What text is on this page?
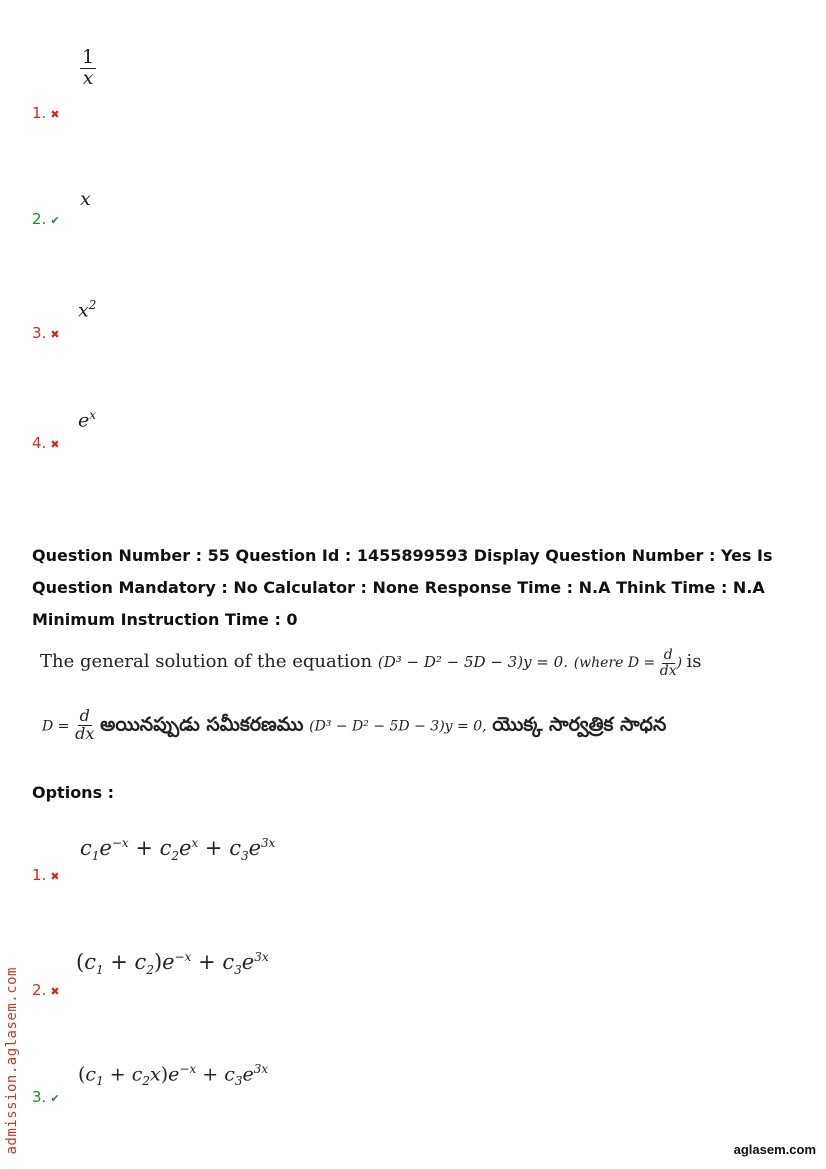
$\frac{1}{x}$
1. ✖
x
2. ✔
$x^2$
3. ✖
$e^x$
4. ✖
Question Number : 55 Question Id : 1455899593 Display Question Number : Yes Is Question Mandatory : No Calculator : None Response Time : N.A Think Time : N.A Minimum Instruction Time : 0
The general solution of the equation (D³ − D² − 5D − 3)y = 0. (where $D = \frac{d}{dx}$ ) is
$D = \frac{d}{dx}$ అయినప్పుడు సమీకరణము (D³ − D² − 5D − 3)y = 0, యొక్క సార్వత్రిక సాధన
Options :
$c_1e^{-x} + c_2e^x + c_3e^{3x}$
1. ✖
$(c_1 + c_2)e^{-x} + c_3e^{3x}$
2. ✖
$(c_1 + c_2x)e^{-x} + c_3e^{3x}$
3. ✔
admission.aglasem.com	aglasem.com
